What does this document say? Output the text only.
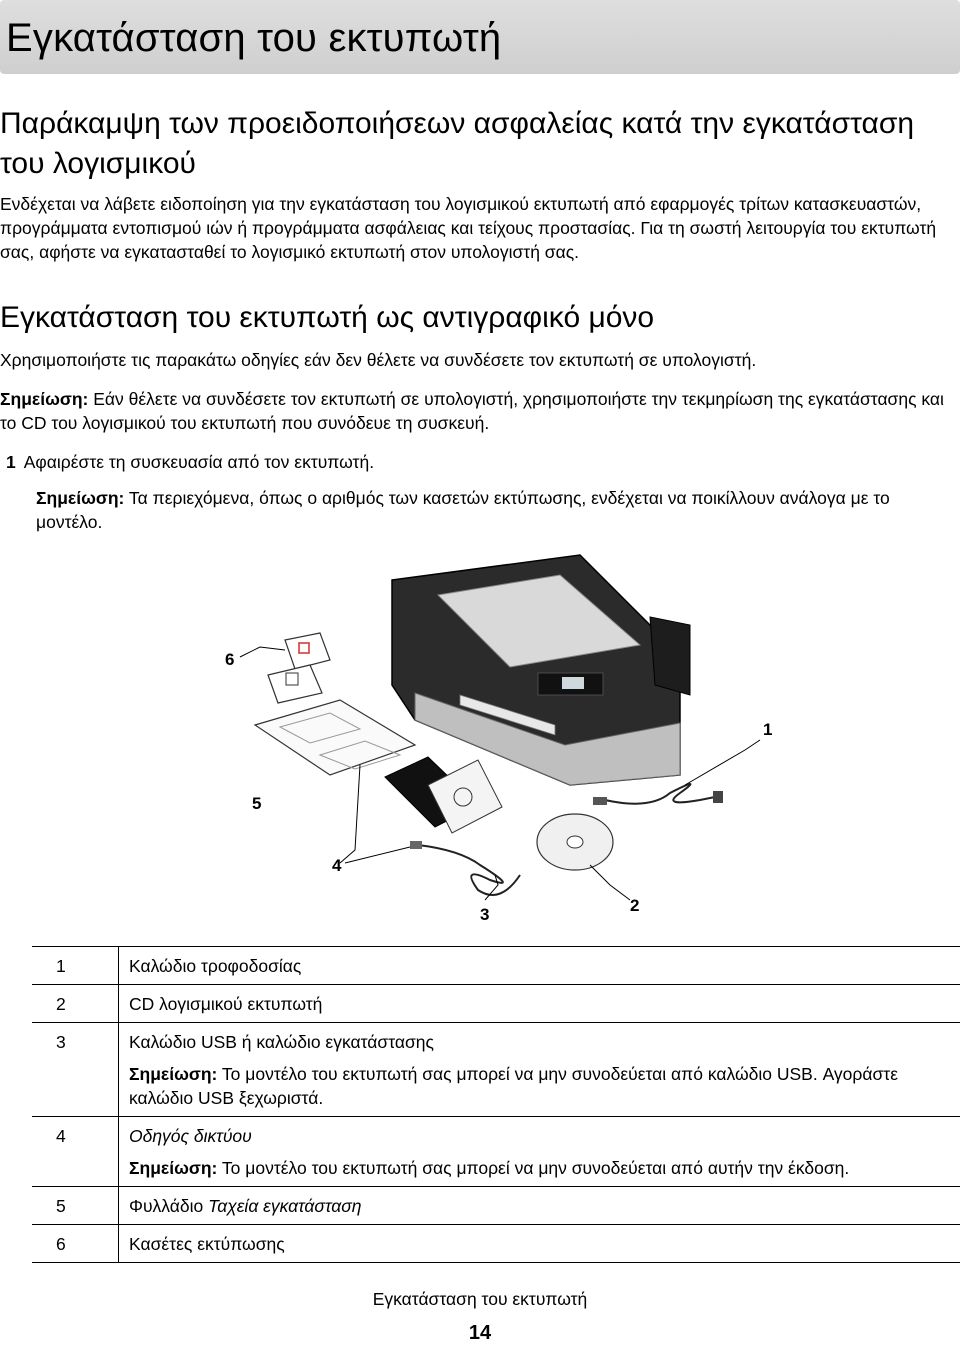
Εγκατάσταση του εκτυπωτή
Παράκαμψη των προειδοποιήσεων ασφαλείας κατά την εγκατάσταση του λογισμικού

Ενδέχεται να λάβετε ειδοποίηση για την εγκατάσταση του λογισμικού εκτυπωτή από εφαρμογές τρίτων κατασκευαστών, προγράμματα εντοπισμού ιών ή προγράμματα ασφάλειας και τείχους προστασίας. Για τη σωστή λειτουργία του εκτυπωτή σας, αφήστε να εγκατασταθεί το λογισμικό εκτυπωτή στον υπολογιστή σας.

Εγκατάσταση του εκτυπωτή ως αντιγραφικό μόνο

Χρησιμοποιήστε τις παρακάτω οδηγίες εάν δεν θέλετε να συνδέσετε τον εκτυπωτή σε υπολογιστή.

Σημείωση: Εάν θέλετε να συνδέσετε τον εκτυπωτή σε υπολογιστή, χρησιμοποιήστε την τεκμηρίωση της εγκατάστασης και το CD του λογισμικού του εκτυπωτή που συνόδευε τη συσκευή.

1 Αφαιρέστε τη συσκευασία από τον εκτυπωτή.

Σημείωση: Τα περιεχόμενα, όπως ο αριθμός των κασετών εκτύπωσης, ενδέχεται να ποικίλλουν ανάλογα με το μοντέλο.

6
1
2
3
4
5
1	Καλώδιο τροφοδοσίας
2	CD λογισμικού εκτυπωτή
3	Καλώδιο USB ή καλώδιο εγκατάστασης
Σημείωση: Το μοντέλο του εκτυπωτή σας μπορεί να μην συνοδεύεται από καλώδιο USB. Αγοράστε καλώδιο USB ξεχωριστά.

4	Οδηγός δικτύου
Σημείωση: Το μοντέλο του εκτυπωτή σας μπορεί να μην συνοδεύεται από αυτήν την έκδοση.

5	Φυλλάδιο Ταχεία εγκατάσταση
6	Κασέτες εκτύπωσης
Εγκατάσταση του εκτυπωτή
14
